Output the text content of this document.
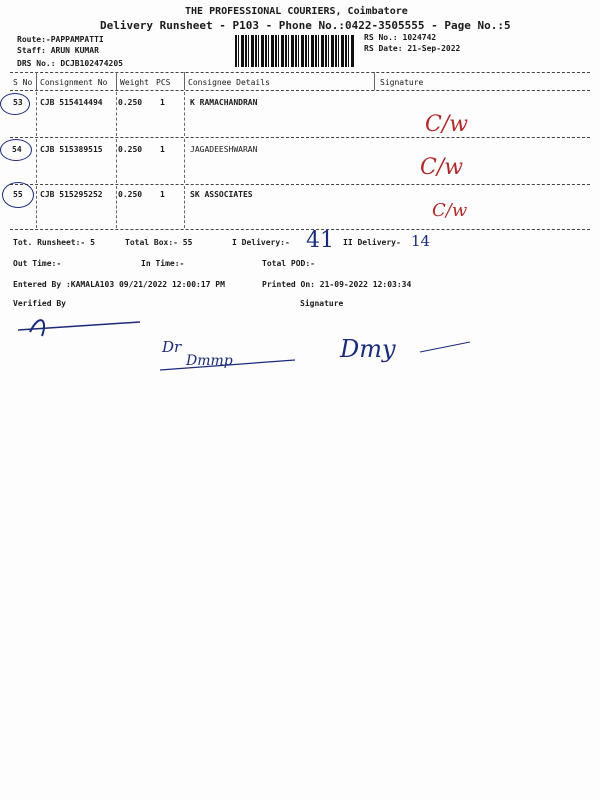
THE PROFESSIONAL COURIERS, Coimbatore
Delivery Runsheet - P103 - Phone No.:0422-3505555 - Page No.:5
Route:-PAPPAMPATTI
Staff: ARUN KUMAR
DRS No.: DCJB102474205
RS No.: 1024742
RS Date: 21-Sep-2022
S No Consignment No Weight PCS Consignee Details	Signature
53 CJB 515414494 0.250 1	K RAMACHANDRAN
C/w
54 CJB 515389515 0.250 1	JAGADEESHWARAN
C/w
55 CJB 515295252 0.250 1	SK ASSOCIATES
C/w
Tot. Runsheet:- 5	Total Box:- 55	I Delivery:- 41 II Delivery- 14
Out Time:-	In Time:-	Total POD:-
Entered By :KAMALA103 09/21/2022 12:00:17 PM	Printed On: 21-09-2022 12:03:34
Verified By	Signature
Dr
Dmmp	Dmy
